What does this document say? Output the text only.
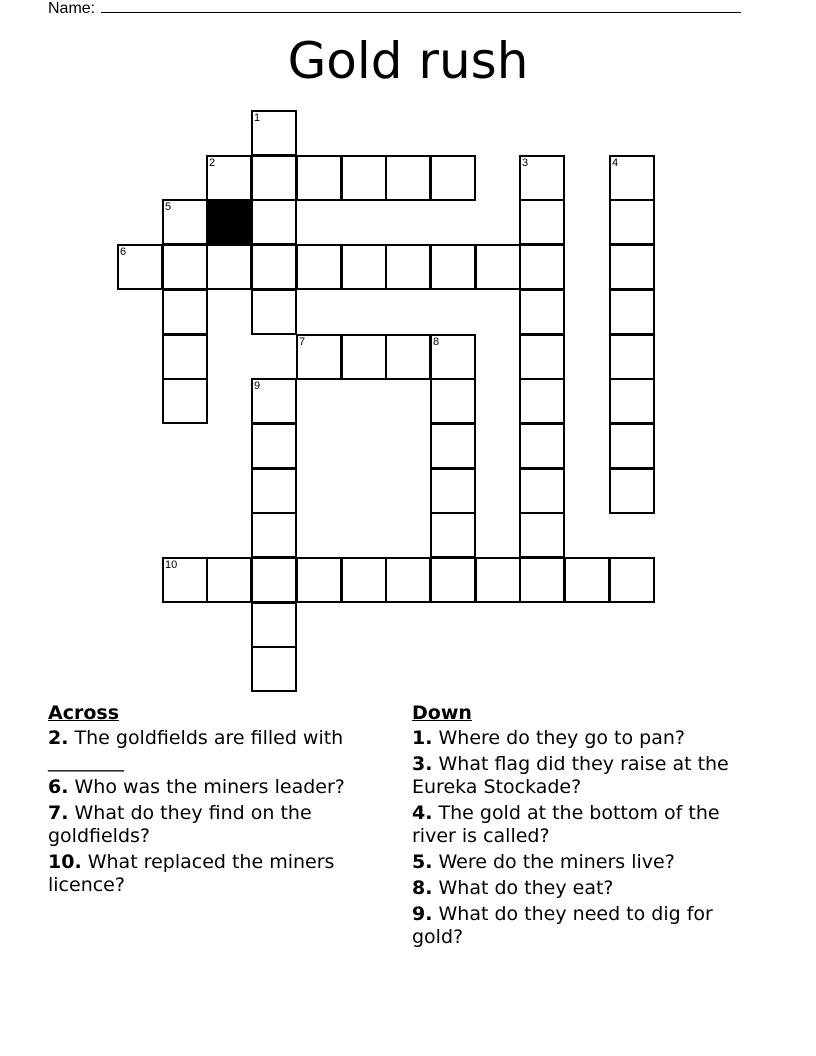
Name:
Gold rush
1
2	3	4
5
6
7	8
9
10
Across
2. The goldfields are filled with ________
6. Who was the miners leader?
7. What do they find on the goldfields?
10. What replaced the miners licence?
Down
1. Where do they go to pan?
3. What flag did they raise at the Eureka Stockade?
4. The gold at the bottom of the river is called?
5. Were do the miners live?
8. What do they eat?
9. What do they need to dig for gold?
